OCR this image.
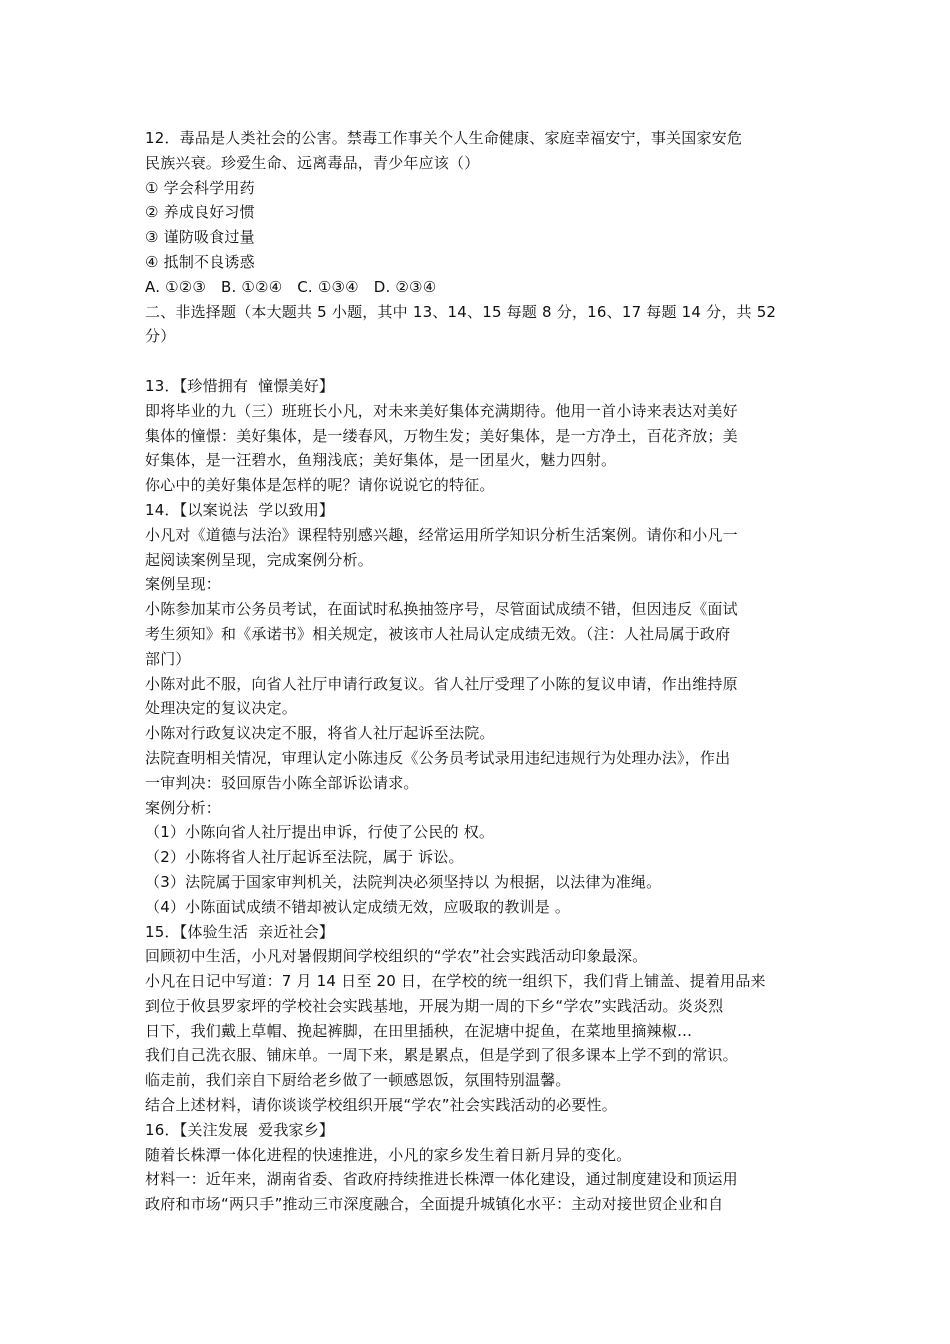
12．毒品是人类社会的公害。禁毒工作事关个人生命健康、家庭幸福安宁，事关国家安危
民族兴衰。珍爱生命、远离毒品，青少年应该（）
① 学会科学用药
② 养成良好习惯
③ 谨防吸食过量
④ 抵制不良诱惑
A. ①②③   B. ①②④   C. ①③④   D. ②③④
二、非选择题（本大题共 5 小题，其中 13、14、15 每题 8 分，16、17 每题 14 分，共 52
分）
13．【珍惜拥有  憧憬美好】
即将毕业的九（三）班班长小凡，对未来美好集体充满期待。他用一首小诗来表达对美好
集体的憧憬：美好集体，是一缕春风，万物生发；美好集体，是一方净土，百花齐放；美
好集体，是一汪碧水，鱼翔浅底；美好集体，是一团星火，魅力四射。
你心中的美好集体是怎样的呢？请你说说它的特征。
14．【以案说法  学以致用】
小凡对《道德与法治》课程特别感兴趣，经常运用所学知识分析生活案例。请你和小凡一
起阅读案例呈现，完成案例分析。
案例呈现：
小陈参加某市公务员考试，在面试时私换抽签序号，尽管面试成绩不错，但因违反《面试
考生须知》和《承诺书》相关规定，被该市人社局认定成绩无效。（注：人社局属于政府
部门）
小陈对此不服，向省人社厅申请行政复议。省人社厅受理了小陈的复议申请，作出维持原
处理决定的复议决定。
小陈对行政复议决定不服，将省人社厅起诉至法院。
法院查明相关情况，审理认定小陈违反《公务员考试录用违纪违规行为处理办法》，作出
一审判决：驳回原告小陈全部诉讼请求。
案例分析：
（1）小陈向省人社厅提出申诉，行使了公民的 权。
（2）小陈将省人社厅起诉至法院，属于 诉讼。
（3）法院属于国家审判机关，法院判决必须坚持以 为根据，以法律为准绳。
（4）小陈面试成绩不错却被认定成绩无效，应吸取的教训是 。
15．【体验生活  亲近社会】
回顾初中生活，小凡对暑假期间学校组织的“学农”社会实践活动印象最深。
小凡在日记中写道：7 月 14 日至 20 日，在学校的统一组织下，我们背上铺盖、提着用品来
到位于攸县罗家坪的学校社会实践基地，开展为期一周的下乡“学农”实践活动。炎炎烈
日下，我们戴上草帽、挽起裤脚，在田里插秧，在泥塘中捉鱼，在菜地里摘辣椒…
我们自己洗衣服、铺床单。一周下来，累是累点，但是学到了很多课本上学不到的常识。
临走前，我们亲自下厨给老乡做了一顿感恩饭，氛围特别温馨。
结合上述材料，请你谈谈学校组织开展“学农”社会实践活动的必要性。
16．【关注发展  爱我家乡】
随着长株潭一体化进程的快速推进，小凡的家乡发生着日新月异的变化。
材料一：近年来，湖南省委、省政府持续推进长株潭一体化建设，通过制度建设和顶运用
政府和市场“两只手”推动三市深度融合，全面提升城镇化水平：主动对接世贸企业和自
